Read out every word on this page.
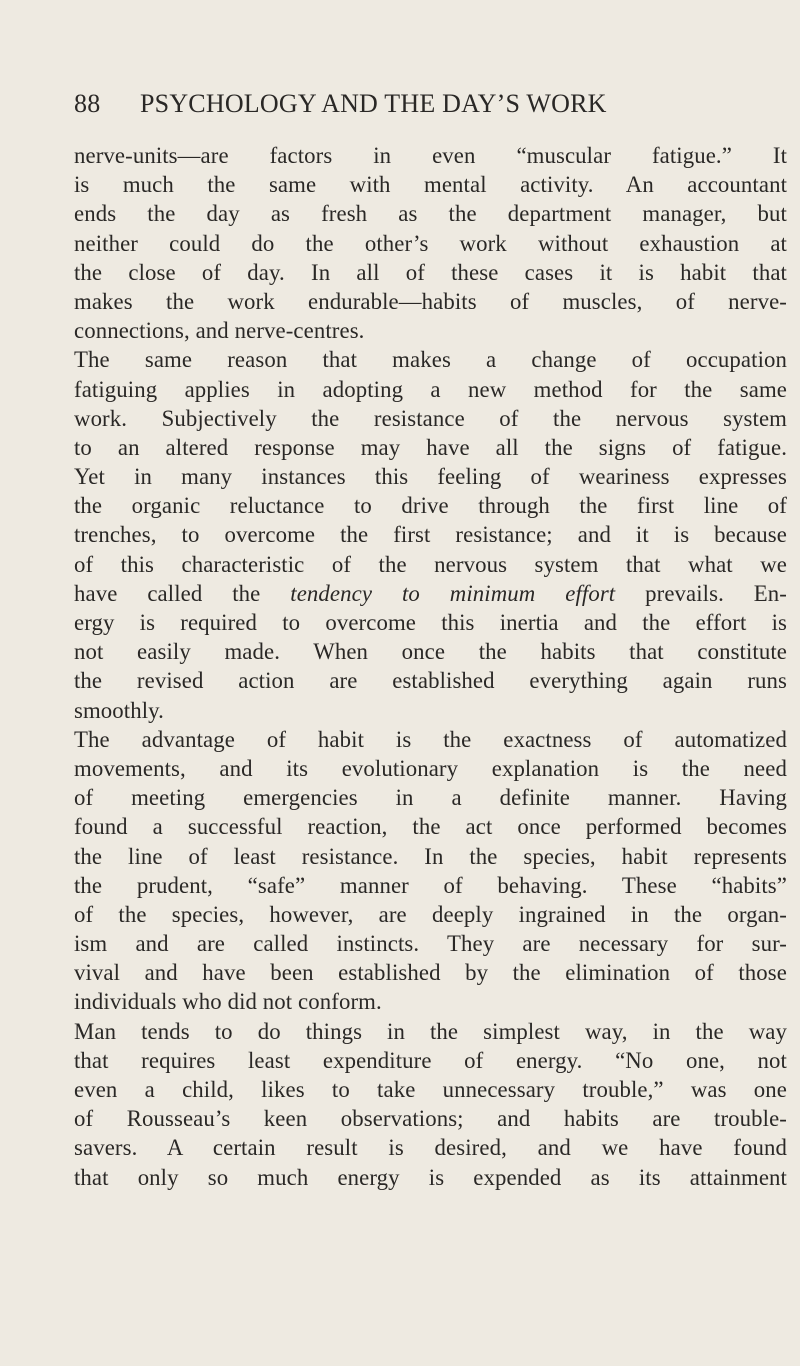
88 PSYCHOLOGY AND THE DAY’S WORK
nerve-units—are factors in even “muscular fatigue.” It
is much the same with mental activity. An accountant
ends the day as fresh as the department manager, but
neither could do the other’s work without exhaustion at
the close of day. In all of these cases it is habit that
makes the work endurable—habits of muscles, of nerve-
connections, and nerve-centres.
The same reason that makes a change of occupation
fatiguing applies in adopting a new method for the same
work. Subjectively the resistance of the nervous system
to an altered response may have all the signs of fatigue.
Yet in many instances this feeling of weariness expresses
the organic reluctance to drive through the first line of
trenches, to overcome the first resistance; and it is because
of this characteristic of the nervous system that what we
have called the tendency to minimum effort prevails. En-
ergy is required to overcome this inertia and the effort is
not easily made. When once the habits that constitute
the revised action are established everything again runs
smoothly.
The advantage of habit is the exactness of automatized
movements, and its evolutionary explanation is the need
of meeting emergencies in a definite manner. Having
found a successful reaction, the act once performed becomes
the line of least resistance. In the species, habit represents
the prudent, “safe” manner of behaving. These “habits”
of the species, however, are deeply ingrained in the organ-
ism and are called instincts. They are necessary for sur-
vival and have been established by the elimination of those
individuals who did not conform.
Man tends to do things in the simplest way, in the way
that requires least expenditure of energy. “No one, not
even a child, likes to take unnecessary trouble,” was one
of Rousseau’s keen observations; and habits are trouble-
savers. A certain result is desired, and we have found
that only so much energy is expended as its attainment
